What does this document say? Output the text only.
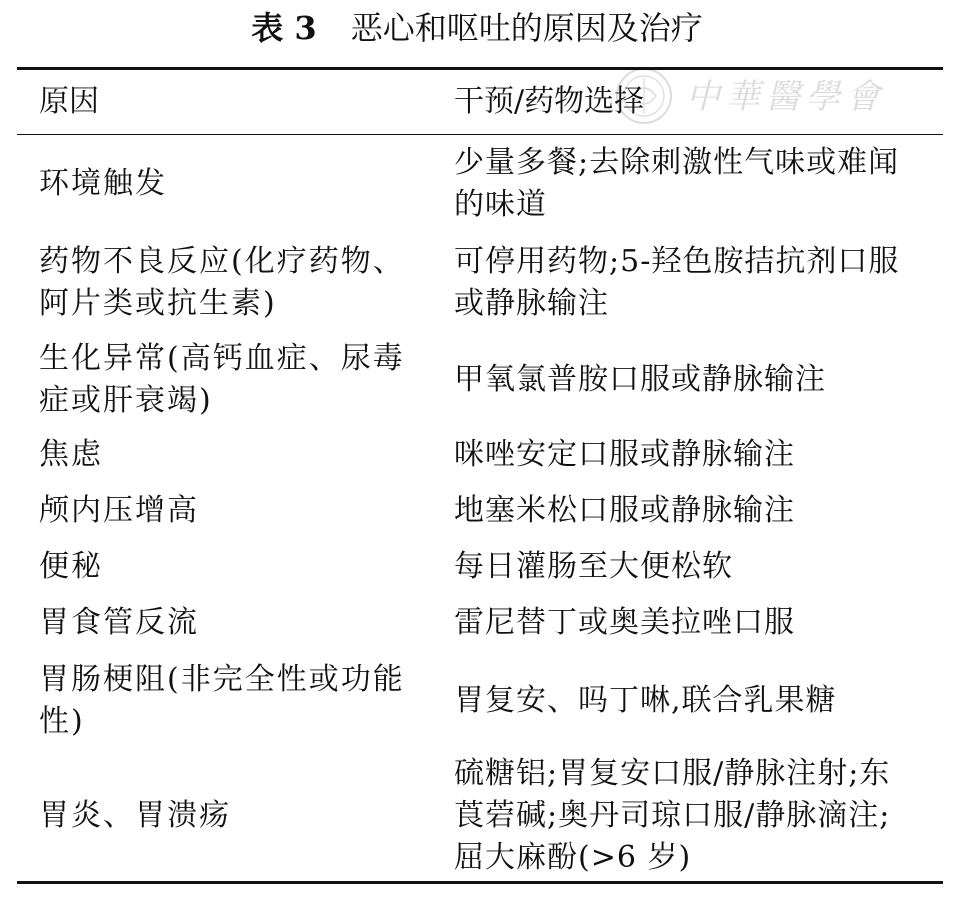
表 3 恶心和呕吐的原因及治疗
中華醫學會
原因	干预/药物选择
环境触发	少量多餐;去除刺激性气味或难闻的味道
药物不良反应(化疗药物、阿片类或抗生素)	可停用药物;5-羟色胺拮抗剂口服或静脉输注
生化异常(高钙血症、尿毒症或肝衰竭)	甲氧氯普胺口服或静脉输注
焦虑	咪唑安定口服或静脉输注
颅内压增高	地塞米松口服或静脉输注
便秘	每日灌肠至大便松软
胃食管反流	雷尼替丁或奥美拉唑口服
胃肠梗阻(非完全性或功能性)	胃复安、吗丁啉,联合乳果糖
胃炎、胃溃疡	硫糖铝;胃复安口服/静脉注射;东莨菪碱;奥丹司琼口服/静脉滴注;屈大麻酚(>6 岁)
